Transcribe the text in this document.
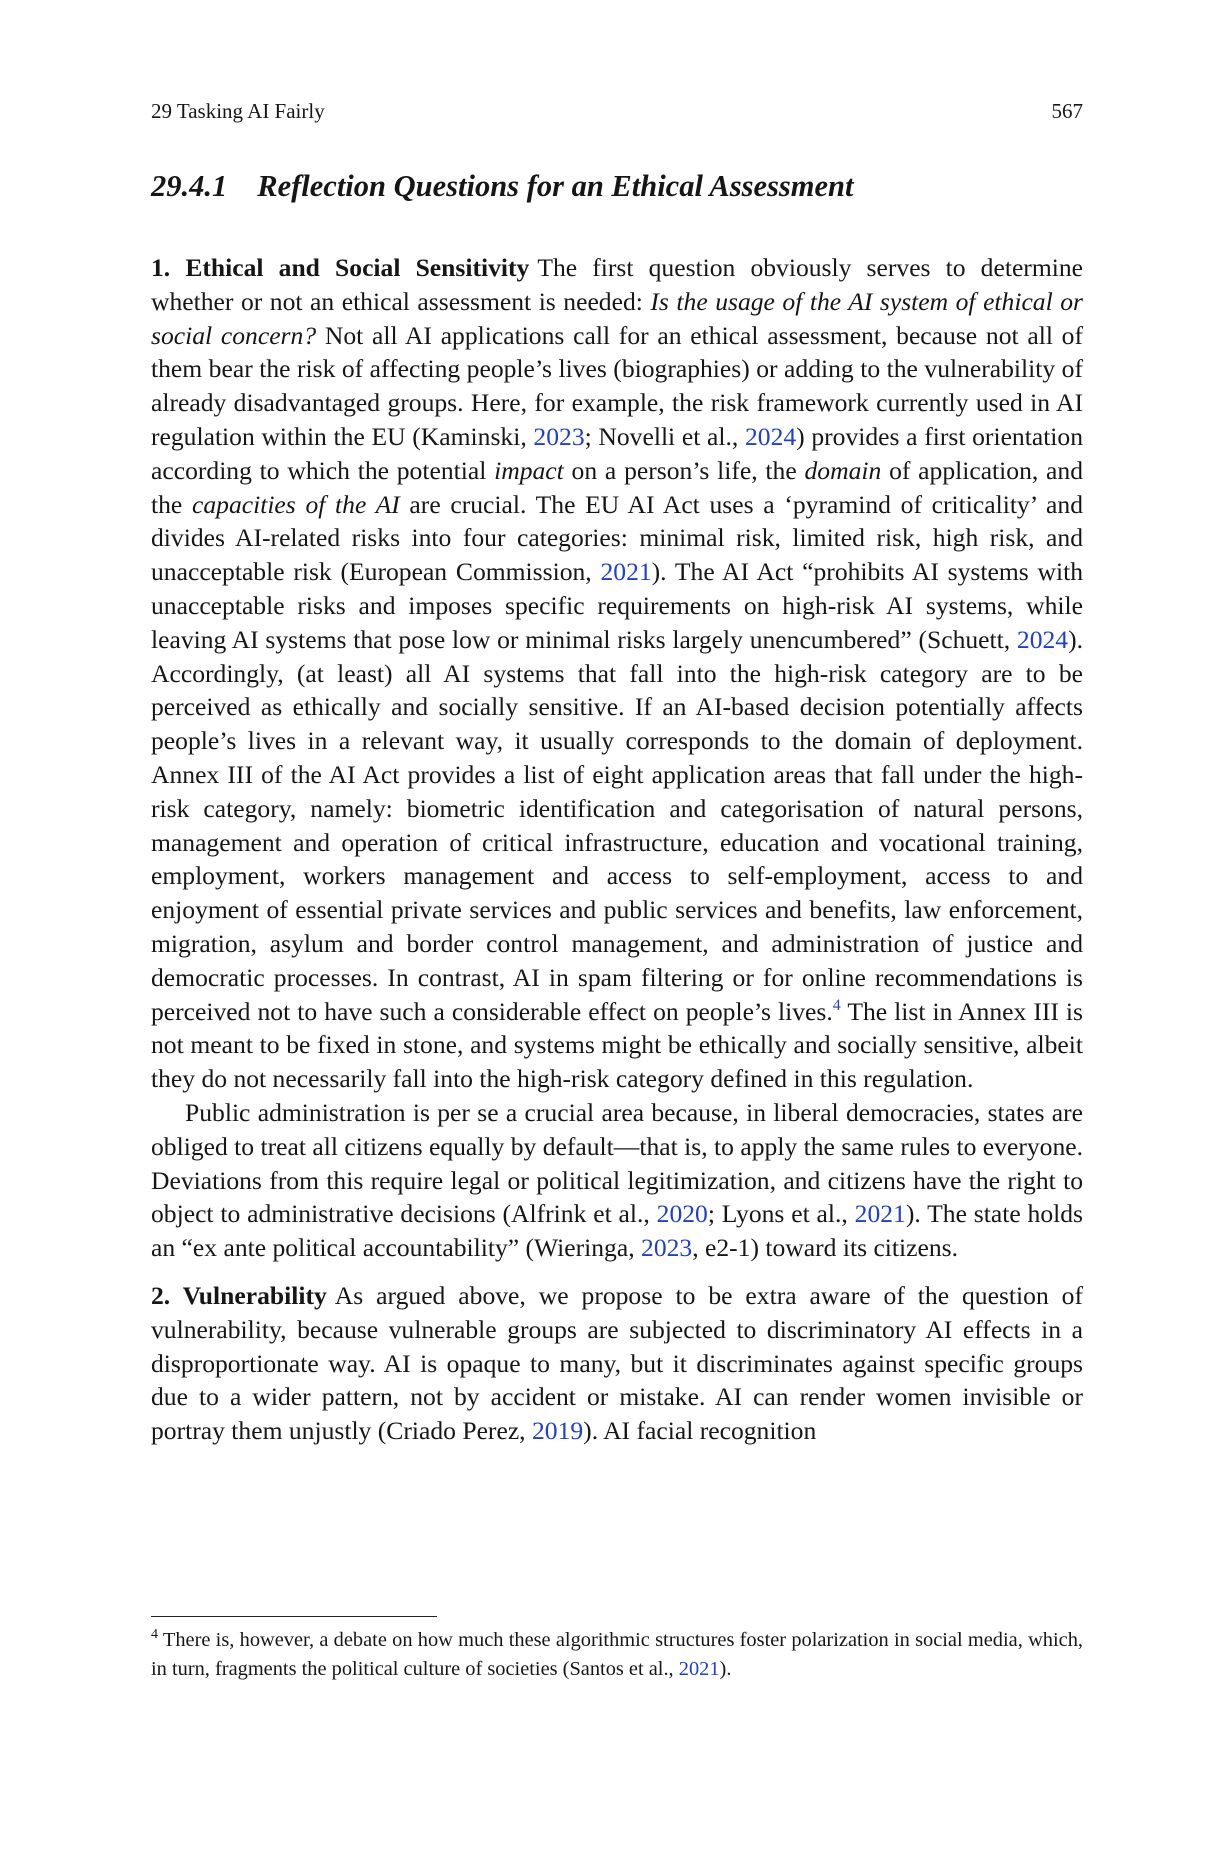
29 Tasking AI Fairly	567
29.4.1 Reflection Questions for an Ethical Assessment

1. Ethical and Social Sensitivity The first question obviously serves to determine whether or not an ethical assessment is needed: Is the usage of the AI system of ethical or social concern? Not all AI applications call for an ethical assessment, because not all of them bear the risk of affecting people’s lives (biographies) or adding to the vulnerability of already disadvantaged groups. Here, for example, the risk framework currently used in AI regulation within the EU (Kaminski, 2023; Novelli et al., 2024) provides a first orientation according to which the potential impact on a person’s life, the domain of application, and the capacities of the AI are crucial. The EU AI Act uses a ‘pyramind of criticality’ and divides AI-related risks into four categories: minimal risk, limited risk, high risk, and unacceptable risk (European Commission, 2021). The AI Act “prohibits AI systems with unacceptable risks and imposes specific requirements on high-risk AI systems, while leaving AI systems that pose low or minimal risks largely unencumbered” (Schuett, 2024). Accordingly, (at least) all AI systems that fall into the high-risk category are to be perceived as ethically and socially sensitive. If an AI-based decision potentially affects people’s lives in a relevant way, it usually corresponds to the domain of deployment. Annex III of the AI Act provides a list of eight application areas that fall under the high-risk category, namely: biometric identification and categorisation of natural persons, management and operation of critical infrastructure, education and vocational training, employment, workers management and access to self-employment, access to and enjoyment of essential private services and public services and benefits, law enforcement, migration, asylum and border control management, and administration of justice and democratic processes. In contrast, AI in spam filtering or for online recommendations is perceived not to have such a considerable effect on people’s lives.$^4$ The list in Annex III is not meant to be fixed in stone, and systems might be ethically and socially sensitive, albeit they do not necessarily fall into the high-risk category defined in this regulation.

Public administration is per se a crucial area because, in liberal democracies, states are obliged to treat all citizens equally by default—that is, to apply the same rules to everyone. Deviations from this require legal or political legitimization, and citizens have the right to object to administrative decisions (Alfrink et al., 2020; Lyons et al., 2021). The state holds an “ex ante political accountability” (Wieringa, 2023, e2-1) toward its citizens.

2. Vulnerability As argued above, we propose to be extra aware of the question of vulnerability, because vulnerable groups are subjected to discriminatory AI effects in a disproportionate way. AI is opaque to many, but it discriminates against specific groups due to a wider pattern, not by accident or mistake. AI can render women invisible or portray them unjustly (Criado Perez, 2019). AI facial recognition

$^4$ There is, however, a debate on how much these algorithmic structures foster polarization in social media, which, in turn, fragments the political culture of societies (Santos et al., 2021).
